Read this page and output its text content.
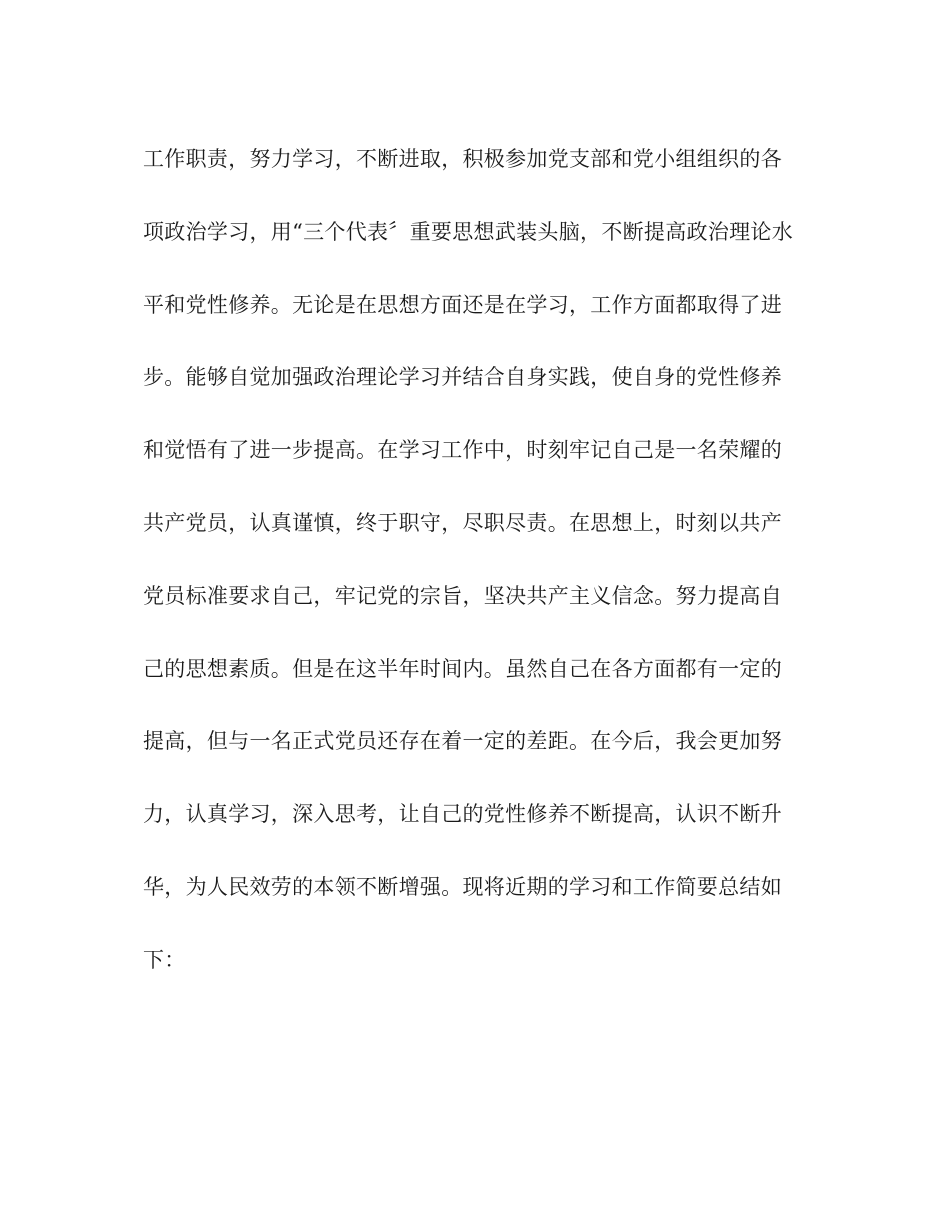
工作职责，努力学习，不断进取，积极参加党支部和党小组组织的各
项政治学习，用“三个代表〞重要思想武装头脑，不断提高政治理论水
平和党性修养。无论是在思想方面还是在学习，工作方面都取得了进
步。能够自觉加强政治理论学习并结合自身实践，使自身的党性修养
和觉悟有了进一步提高。在学习工作中，时刻牢记自己是一名荣耀的
共产党员，认真谨慎，终于职守，尽职尽责。在思想上，时刻以共产
党员标准要求自己，牢记党的宗旨，坚决共产主义信念。努力提高自
己的思想素质。但是在这半年时间内。虽然自己在各方面都有一定的
提高，但与一名正式党员还存在着一定的差距。在今后，我会更加努
力，认真学习，深入思考，让自己的党性修养不断提高，认识不断升
华，为人民效劳的本领不断增强。现将近期的学习和工作简要总结如
下：
